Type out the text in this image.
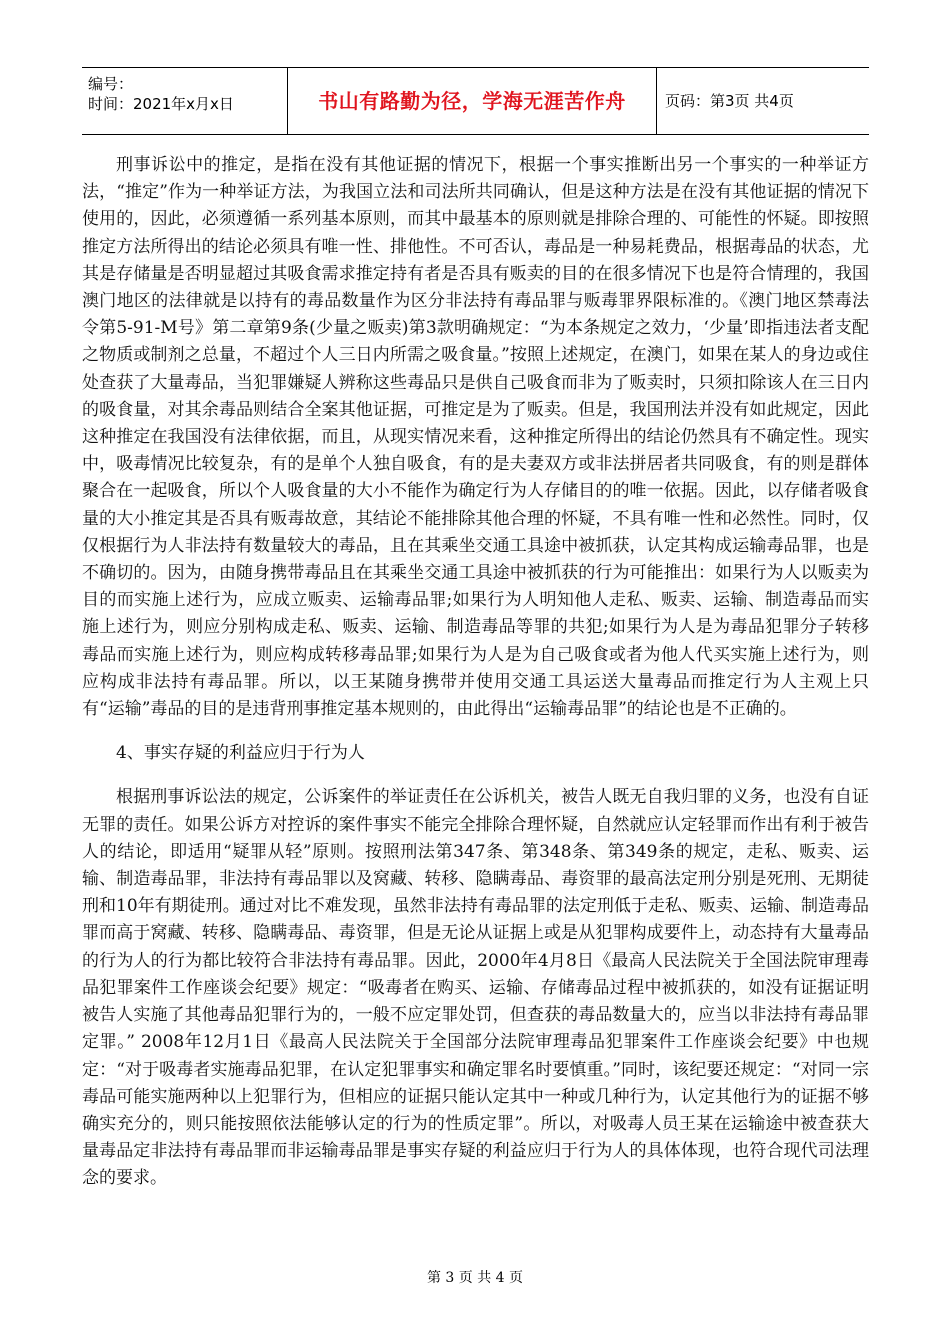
编号：
时间：2021年x月x日	书山有路勤为径，学海无涯苦作舟	页码：第3页 共4页

刑事诉讼中的推定，是指在没有其他证据的情况下，根据一个事实推断出另一个事实的一种举证方法，“推定”作为一种举证方法，为我国立法和司法所共同确认，但是这种方法是在没有其他证据的情况下使用的，因此，必须遵循一系列基本原则，而其中最基本的原则就是排除合理的、可能性的怀疑。即按照推定方法所得出的结论必须具有唯一性、排他性。不可否认，毒品是一种易耗费品，根据毒品的状态，尤其是存储量是否明显超过其吸食需求推定持有者是否具有贩卖的目的在很多情况下也是符合情理的，我国澳门地区的法律就是以持有的毒品数量作为区分非法持有毒品罪与贩毒罪界限标准的。《澳门地区禁毒法令第5-91-M号》第二章第9条(少量之贩卖)第3款明确规定：“为本条规定之效力，‘少量’即指违法者支配之物质或制剂之总量，不超过个人三日内所需之吸食量。”按照上述规定，在澳门，如果在某人的身边或住处查获了大量毒品，当犯罪嫌疑人辨称这些毒品只是供自己吸食而非为了贩卖时，只须扣除该人在三日内的吸食量，对其余毒品则结合全案其他证据，可推定是为了贩卖。但是，我国刑法并没有如此规定，因此这种推定在我国没有法律依据，而且，从现实情况来看，这种推定所得出的结论仍然具有不确定性。现实中，吸毒情况比较复杂，有的是单个人独自吸食，有的是夫妻双方或非法拼居者共同吸食，有的则是群体聚合在一起吸食，所以个人吸食量的大小不能作为确定行为人存储目的的唯一依据。因此，以存储者吸食量的大小推定其是否具有贩毒故意，其结论不能排除其他合理的怀疑，不具有唯一性和必然性。同时，仅仅根据行为人非法持有数量较大的毒品，且在其乘坐交通工具途中被抓获，认定其构成运输毒品罪，也是不确切的。因为，由随身携带毒品且在其乘坐交通工具途中被抓获的行为可能推出：如果行为人以贩卖为目的而实施上述行为，应成立贩卖、运输毒品罪;如果行为人明知他人走私、贩卖、运输、制造毒品而实施上述行为，则应分别构成走私、贩卖、运输、制造毒品等罪的共犯;如果行为人是为毒品犯罪分子转移毒品而实施上述行为，则应构成转移毒品罪;如果行为人是为自己吸食或者为他人代买实施上述行为，则应构成非法持有毒品罪。所以，以王某随身携带并使用交通工具运送大量毒品而推定行为人主观上只有“运输”毒品的目的是违背刑事推定基本规则的，由此得出“运输毒品罪”的结论也是不正确的。

4、事实存疑的利益应归于行为人

根据刑事诉讼法的规定，公诉案件的举证责任在公诉机关，被告人既无自我归罪的义务，也没有自证无罪的责任。如果公诉方对控诉的案件事实不能完全排除合理怀疑，自然就应认定轻罪而作出有利于被告人的结论，即适用“疑罪从轻”原则。按照刑法第347条、第348条、第349条的规定，走私、贩卖、运输、制造毒品罪，非法持有毒品罪以及窝藏、转移、隐瞒毒品、毒资罪的最高法定刑分别是死刑、无期徒刑和10年有期徒刑。通过对比不难发现，虽然非法持有毒品罪的法定刑低于走私、贩卖、运输、制造毒品罪而高于窝藏、转移、隐瞒毒品、毒资罪，但是无论从证据上或是从犯罪构成要件上，动态持有大量毒品的行为人的行为都比较符合非法持有毒品罪。因此，2000年4月8日《最高人民法院关于全国法院审理毒品犯罪案件工作座谈会纪要》规定：“吸毒者在购买、运输、存储毒品过程中被抓获的，如没有证据证明被告人实施了其他毒品犯罪行为的，一般不应定罪处罚，但查获的毒品数量大的，应当以非法持有毒品罪定罪。” 2008年12月1日《最高人民法院关于全国部分法院审理毒品犯罪案件工作座谈会纪要》中也规定：“对于吸毒者实施毒品犯罪，在认定犯罪事实和确定罪名时要慎重。”同时，该纪要还规定：“对同一宗毒品可能实施两种以上犯罪行为，但相应的证据只能认定其中一种或几种行为，认定其他行为的证据不够确实充分的，则只能按照依法能够认定的行为的性质定罪”。所以，对吸毒人员王某在运输途中被查获大量毒品定非法持有毒品罪而非运输毒品罪是事实存疑的利益应归于行为人的具体体现，也符合现代司法理念的要求。

第 3 页 共 4 页
